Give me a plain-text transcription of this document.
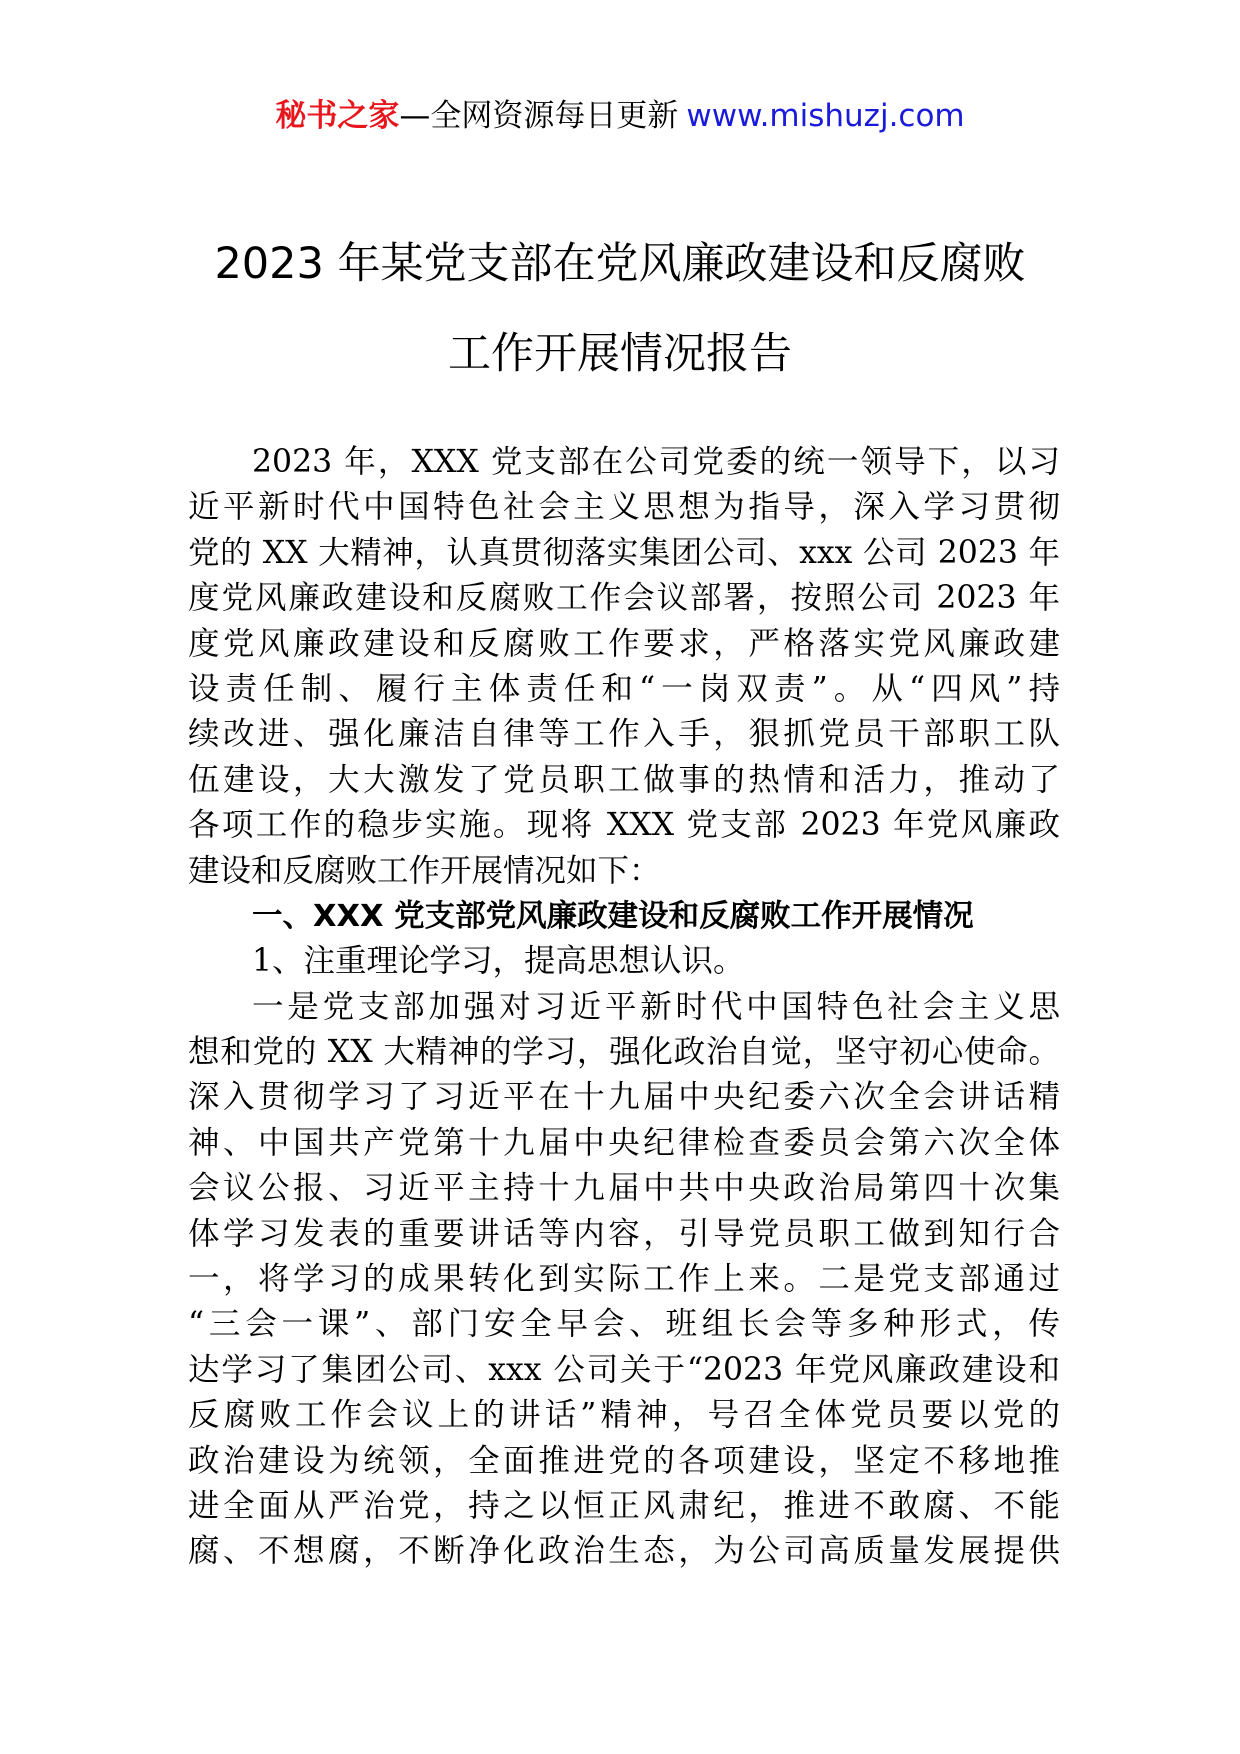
秘书之家—全网资源每日更新 www.mishuzj.com
2023 年某党支部在党风廉政建设和反腐败
工作开展情况报告
2023 年，XXX 党支部在公司党委的统一领导下，以习
近平新时代中国特色社会主义思想为指导，深入学习贯彻
党的 XX 大精神，认真贯彻落实集团公司、xxx 公司 2023 年
度党风廉政建设和反腐败工作会议部署，按照公司 2023 年
度党风廉政建设和反腐败工作要求，严格落实党风廉政建
设责任制、履行主体责任和“一岗双责”。从“四风”持
续改进、强化廉洁自律等工作入手，狠抓党员干部职工队
伍建设，大大激发了党员职工做事的热情和活力，推动了
各项工作的稳步实施。现将 XXX 党支部 2023 年党风廉政
建设和反腐败工作开展情况如下：
一、XXX 党支部党风廉政建设和反腐败工作开展情况
1、注重理论学习，提高思想认识。
一是党支部加强对习近平新时代中国特色社会主义思
想和党的 XX 大精神的学习，强化政治自觉，坚守初心使命。
深入贯彻学习了习近平在十九届中央纪委六次全会讲话精
神、中国共产党第十九届中央纪律检查委员会第六次全体
会议公报、习近平主持十九届中共中央政治局第四十次集
体学习发表的重要讲话等内容，引导党员职工做到知行合
一，将学习的成果转化到实际工作上来。二是党支部通过
“三会一课”、部门安全早会、班组长会等多种形式，传
达学习了集团公司、xxx 公司关于“2023 年党风廉政建设和
反腐败工作会议上的讲话”精神，号召全体党员要以党的
政治建设为统领，全面推进党的各项建设，坚定不移地推
进全面从严治党，持之以恒正风肃纪，推进不敢腐、不能
腐、不想腐，不断净化政治生态，为公司高质量发展提供
